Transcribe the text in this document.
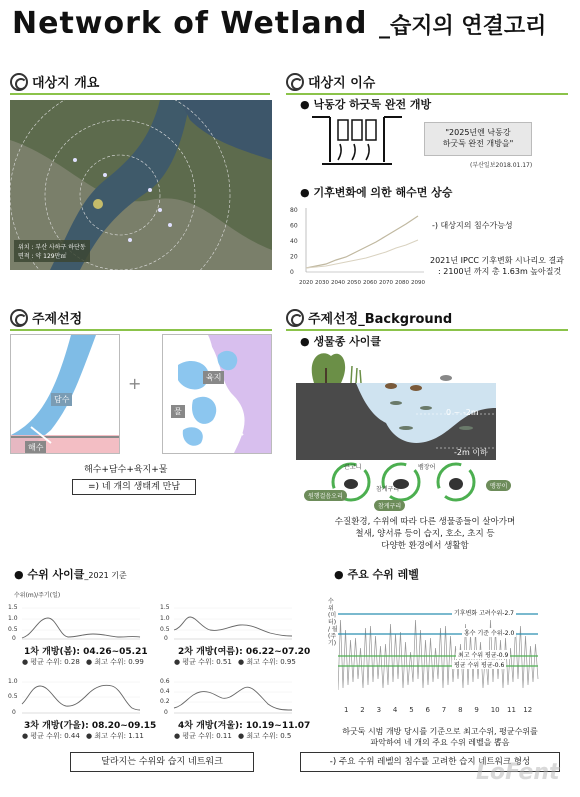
Network of Wetland _습지의 연결고리
대상지 개요
위치 : 부산 사하구 하단동
면적 : 약 129만㎡
대상지 이슈
● 낙동강 하굿둑 완전 개방
"2025년엔 낙동강
하굿둑 완전 개방을"
(부산일보2018.01.17)
● 기후변화에 의한 해수면 상승
80
60
40
20
0
2020 2030 2040 2050 2060 2070 2080 2090
-) 대상지의 침수가능성
2021년 IPCC 기후변화 시나리오 결과
: 2100년 까지 총 1.63m 높아질것
주제선정
담수
해수
+	육지
물
해수+담수+육지+물
=) 네 개의 생태계 만남
주제선정_Background
● 생물종 사이클
0 ~ -2m
-2m 이하
큰고니
참게구리
뱀장어
원행걸음오리
참게구리
맹꽁이
수질환경, 수위에 따라 다른 생물종들이 살아가며
철새, 양서류 등이 습지, 호소, 초지 등
다양한 환경에서 생활함
● 수위 사이클_2021 기준
수위(m)/주기(일)
1.5
1.0
0.5
0
1차 개방(봄): 04.26~05.21
● 평균 수위: 0.28 ● 최고 수위: 0.99
1.5
1.0
0.5
0
2차 개방(여름): 06.22~07.20
● 평균 수위: 0.51 ● 최고 수위: 0.95
1.0
0.5
0
3차 개방(가을): 08.20~09.15
● 평균 수위: 0.44 ● 최고 수위: 1.11
0.6
0.4
0.2
0
4차 개방(겨울): 10.19~11.07
● 평균 수위: 0.11 ● 최고 수위: 0.5
달라지는 수위와 습지 네트워크
● 주요 수위 레벨
수위(미터) / 월(주기)
1 2 3 4 5 6 7 8 9 10 11 12
기후변화 고려수위-2.7
홍수 기준 수위-2.0
최고 수위 평균-0.9
평균 수위 평균-0.6
하굿둑 시범 개방 당시를 기준으로 최고수위, 평균수위를
파악하여 네 개의 주요 수위 레벨을 뽑음
-) 주요 수위 레벨의 침수를 고려한 습지 네트워크 형성
LoFent
